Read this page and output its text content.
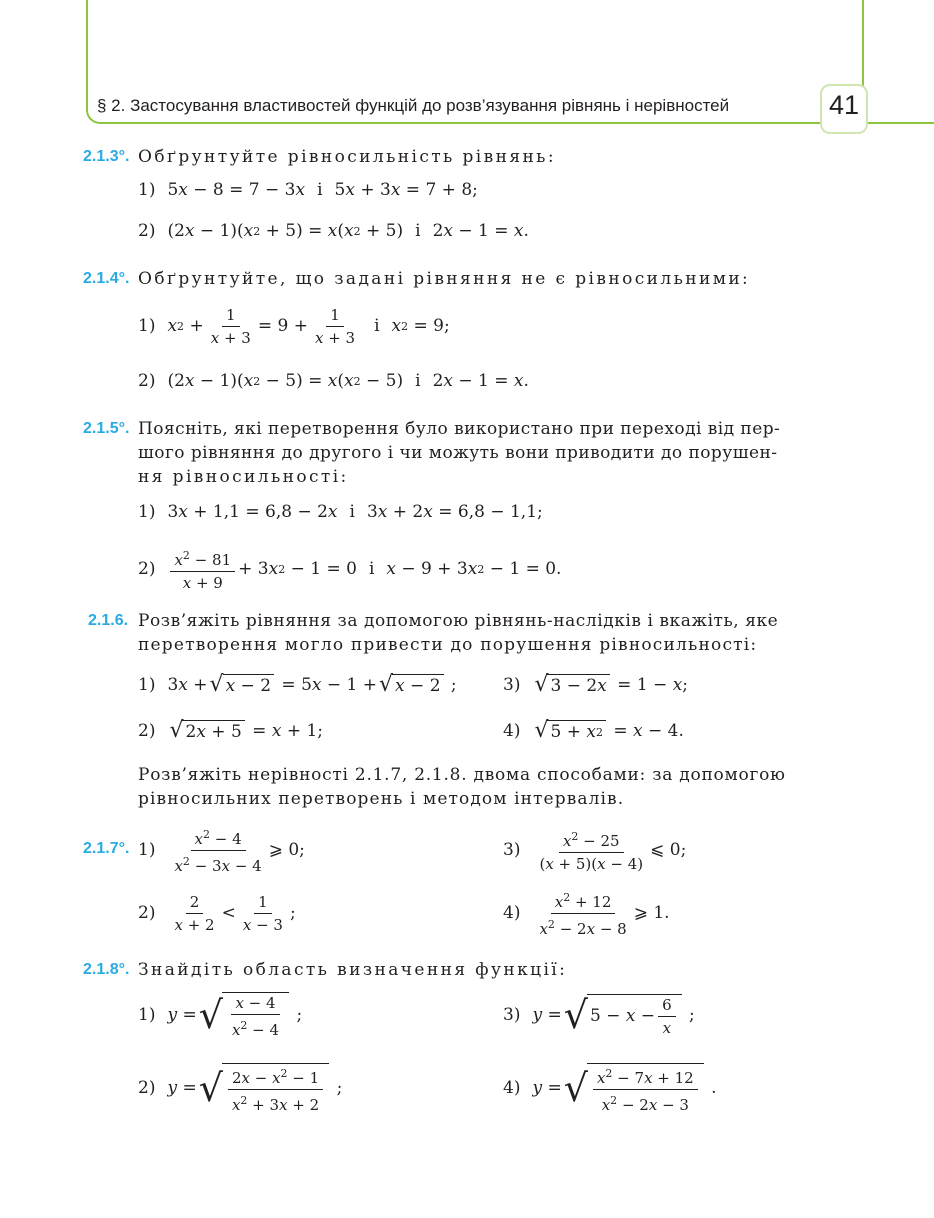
§ 2. Застосування властивостей функцій до розв’язування рівнянь і нерівностей	41
2.1.3°. Обґрунтуйте рівносильність рівнянь:
1) 5 x − 8 = 7 − 3 x і 5 x + 3 x = 7 + 8;
2) (2 x − 1)( x 2 + 5) = x ( x 2 + 5) і 2 x − 1 = x .
2.1.4°. Обґрунтуйте, що задані рівняння не є рівносильними:
1) x $2 + \frac{1}{x + 3} = 9 + \frac{1}{x + 3}$ і x 2 = 9;
2) (2 x − 1)( x 2 − 5) = x ( x 2 − 5) і 2 x − 1 = x .
2.1.5°. Поясніть, які перетворення було використано при переході від пер-
шого рівняння до другого і чи можуть вони приводити до порушен-
ня рівносильності:
1) 3 x + 1,1 = 6,8 − 2 x і 3 x + 2 x = 6,8 − 1,1;
$2) \frac{x^2 - 81}{x + 9} + 3$ x 2 − 1 = 0 і x − 9 + 3 x 2 − 1 = 0.
2.1.6. Розв’яжіть рівняння за допомогою рівнянь-наслідків і вкажіть, яке
перетворення могло привести до порушення рівносильності:
1) 3 x + √ x − 2 = 5 x − 1 + √ x − 2 ;	3) √ 3 − 2 x = 1 − x ;
2) √ 2 x + 5 = x + 1;	4) √ 5 + x 2 = x − 4.
Розв’яжіть нерівності 2.1.7, 2.1.8. двома способами: за допомогою
рівносильних перетворень і методом інтервалів.
2.1.7°. $1) \frac{x^2 - 4}{x^2 - 3x - 4}$ ⩾ 0;	$3) \frac{x^2 - 25}{(x + 5)(x - 4)}$ ⩽ 0;
$2) \frac{2}{x + 2} < \frac{1}{x - 3}$ ;	$4) \frac{x^2 + 12}{x^2 - 2x - 8}$ ⩾ 1.
2.1.8°. Знайдіть область визначення функції:
1) y = √ $\frac{x - 4}{x^2 - 4}$ ;	3) y = √ $5 - x - \frac{6}{x}$ ;
2) y = √ $\frac{2x - x^2 - 1}{x^2 + 3x + 2}$ ;	4) y = √ $\frac{x^2 - 7x + 12}{x^2 - 2x - 3}$ .
